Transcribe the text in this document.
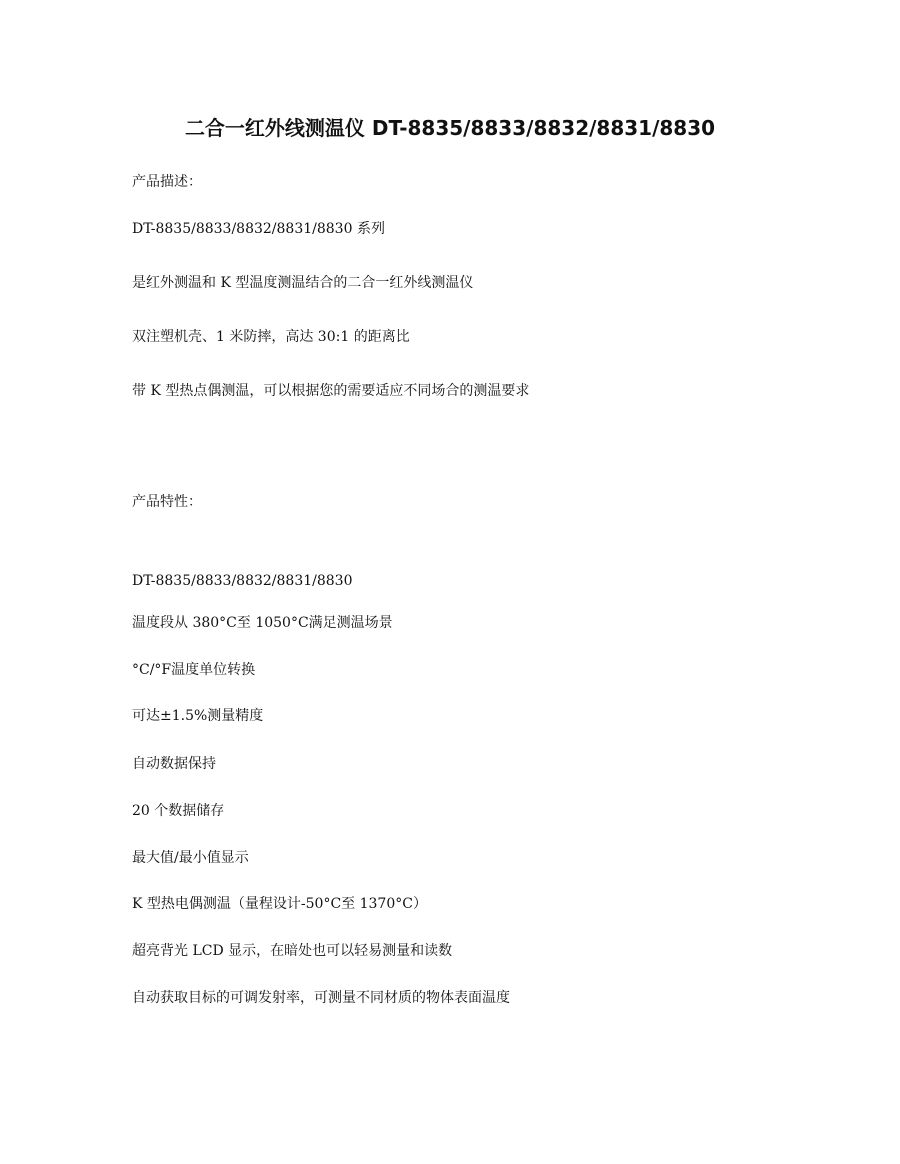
二合一红外线测温仪 DT-8835/8833/8832/8831/8830
产品描述：
DT-8835/8833/8832/8831/8830 系列
是红外测温和 K 型温度测温结合的二合一红外线测温仪
双注塑机壳、1 米防摔，高达 30:1 的距离比
带 K 型热点偶测温，可以根据您的需要适应不同场合的测温要求
产品特性：
DT-8835/8833/8832/8831/8830
温度段从 380°C至 1050°C满足测温场景
°C/°F温度单位转换
可达±1.5%测量精度
自动数据保持
20 个数据储存
最大值/最小值显示
K 型热电偶测温（量程设计-50°C至 1370°C）
超亮背光 LCD 显示，在暗处也可以轻易测量和读数
自动获取目标的可调发射率，可测量不同材质的物体表面温度
